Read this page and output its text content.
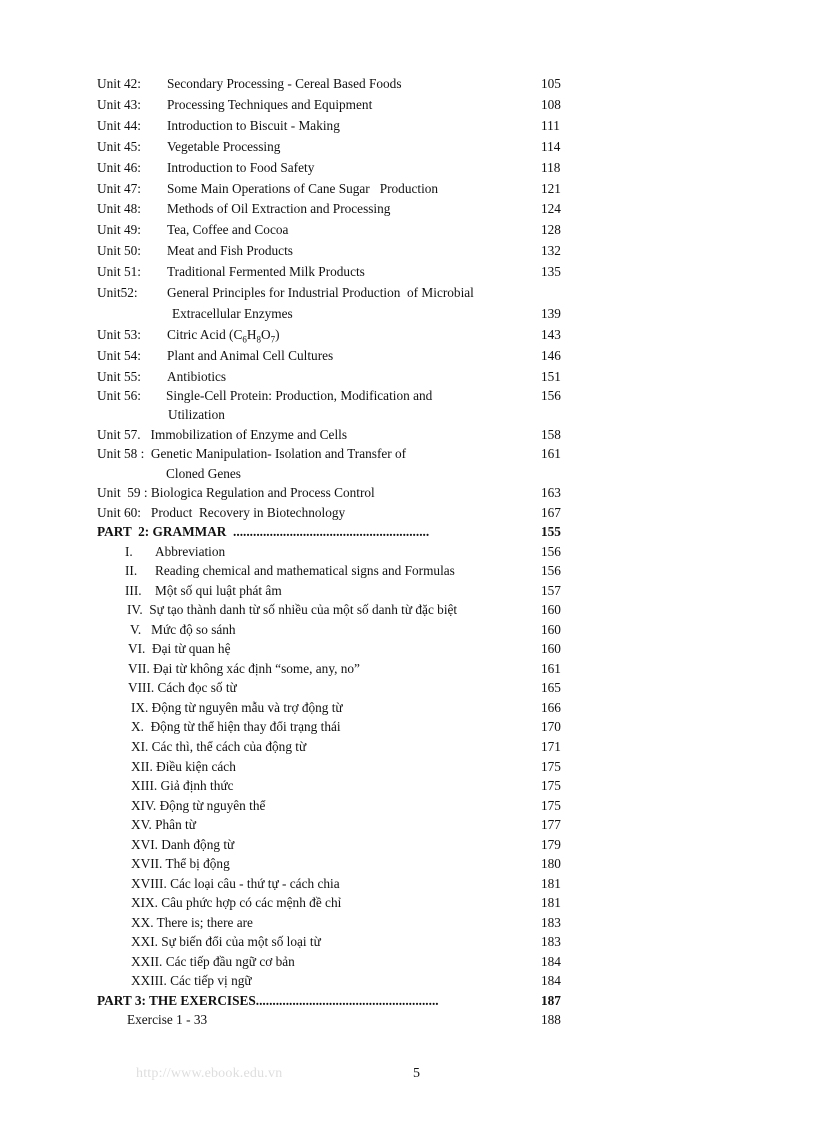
Unit 42: Secondary Processing - Cereal Based Foods	105
Unit 43: Processing Techniques and Equipment	108
Unit 44: Introduction to Biscuit - Making	111
Unit 45: Vegetable Processing	114
Unit 46: Introduction to Food Safety	118
Unit 47: Some Main Operations of Cane Sugar   Production	121
Unit 48: Methods of Oil Extraction and Processing	124
Unit 49: Tea, Coffee and Cocoa	128
Unit 50: Meat and Fish Products	132
Unit 51: Traditional Fermented Milk Products	135
Unit52: General Principles for Industrial Production  of Microbial
Extracellular Enzymes	139
Unit 53: Citric Acid $(C_6H_8O_7)$	143
Unit 54: Plant and Animal Cell Cultures	146
Unit 55: Antibiotics	151
Unit 56: Single-Cell Protein: Production, Modification and	156
Utilization
Unit 57.   Immobilization of Enzyme and Cells	158
Unit 58 :  Genetic Manipulation- Isolation and Transfer of	161
Cloned Genes
Unit  59 : Biologica Regulation and Process Control	163
Unit 60:   Product  Recovery in Biotechnology	167
PART  2: GRAMMAR  ...........................................................	155
I. Abbreviation	156
II. Reading chemical and mathematical signs and Formulas	156
III. Một số qui luật phát âm	157
IV.  Sự tạo thành danh từ số nhiều của một số danh từ đặc biệt	160
V.   Mức độ so sánh	160
VI.  Đại từ quan hệ	160
VII. Đại từ không xác định “some, any, no”	161
VIII. Cách đọc số từ	165
IX. Động từ nguyên mẫu và trợ động từ	166
X.  Động từ thể hiện thay đổi trạng thái	170
XI. Các thì, thể cách của động từ	171
XII. Điều kiện cách	175
XIII. Giả định thức	175
XIV. Động từ nguyên thể	175
XV. Phân từ	177
XVI. Danh động từ	179
XVII. Thể bị động	180
XVIII. Các loại câu - thứ tự - cách chia	181
XIX. Câu phức hợp có các mệnh đề chỉ	181
XX. There is; there are	183
XXI. Sự biến đổi của một số loại từ	183
XXII. Các tiếp đầu ngữ cơ bản	184
XXIII. Các tiếp vị ngữ	184
PART 3: THE EXERCISES.......................................................	187
Exercise 1 - 33	188
http://www.ebook.edu.vn	5
